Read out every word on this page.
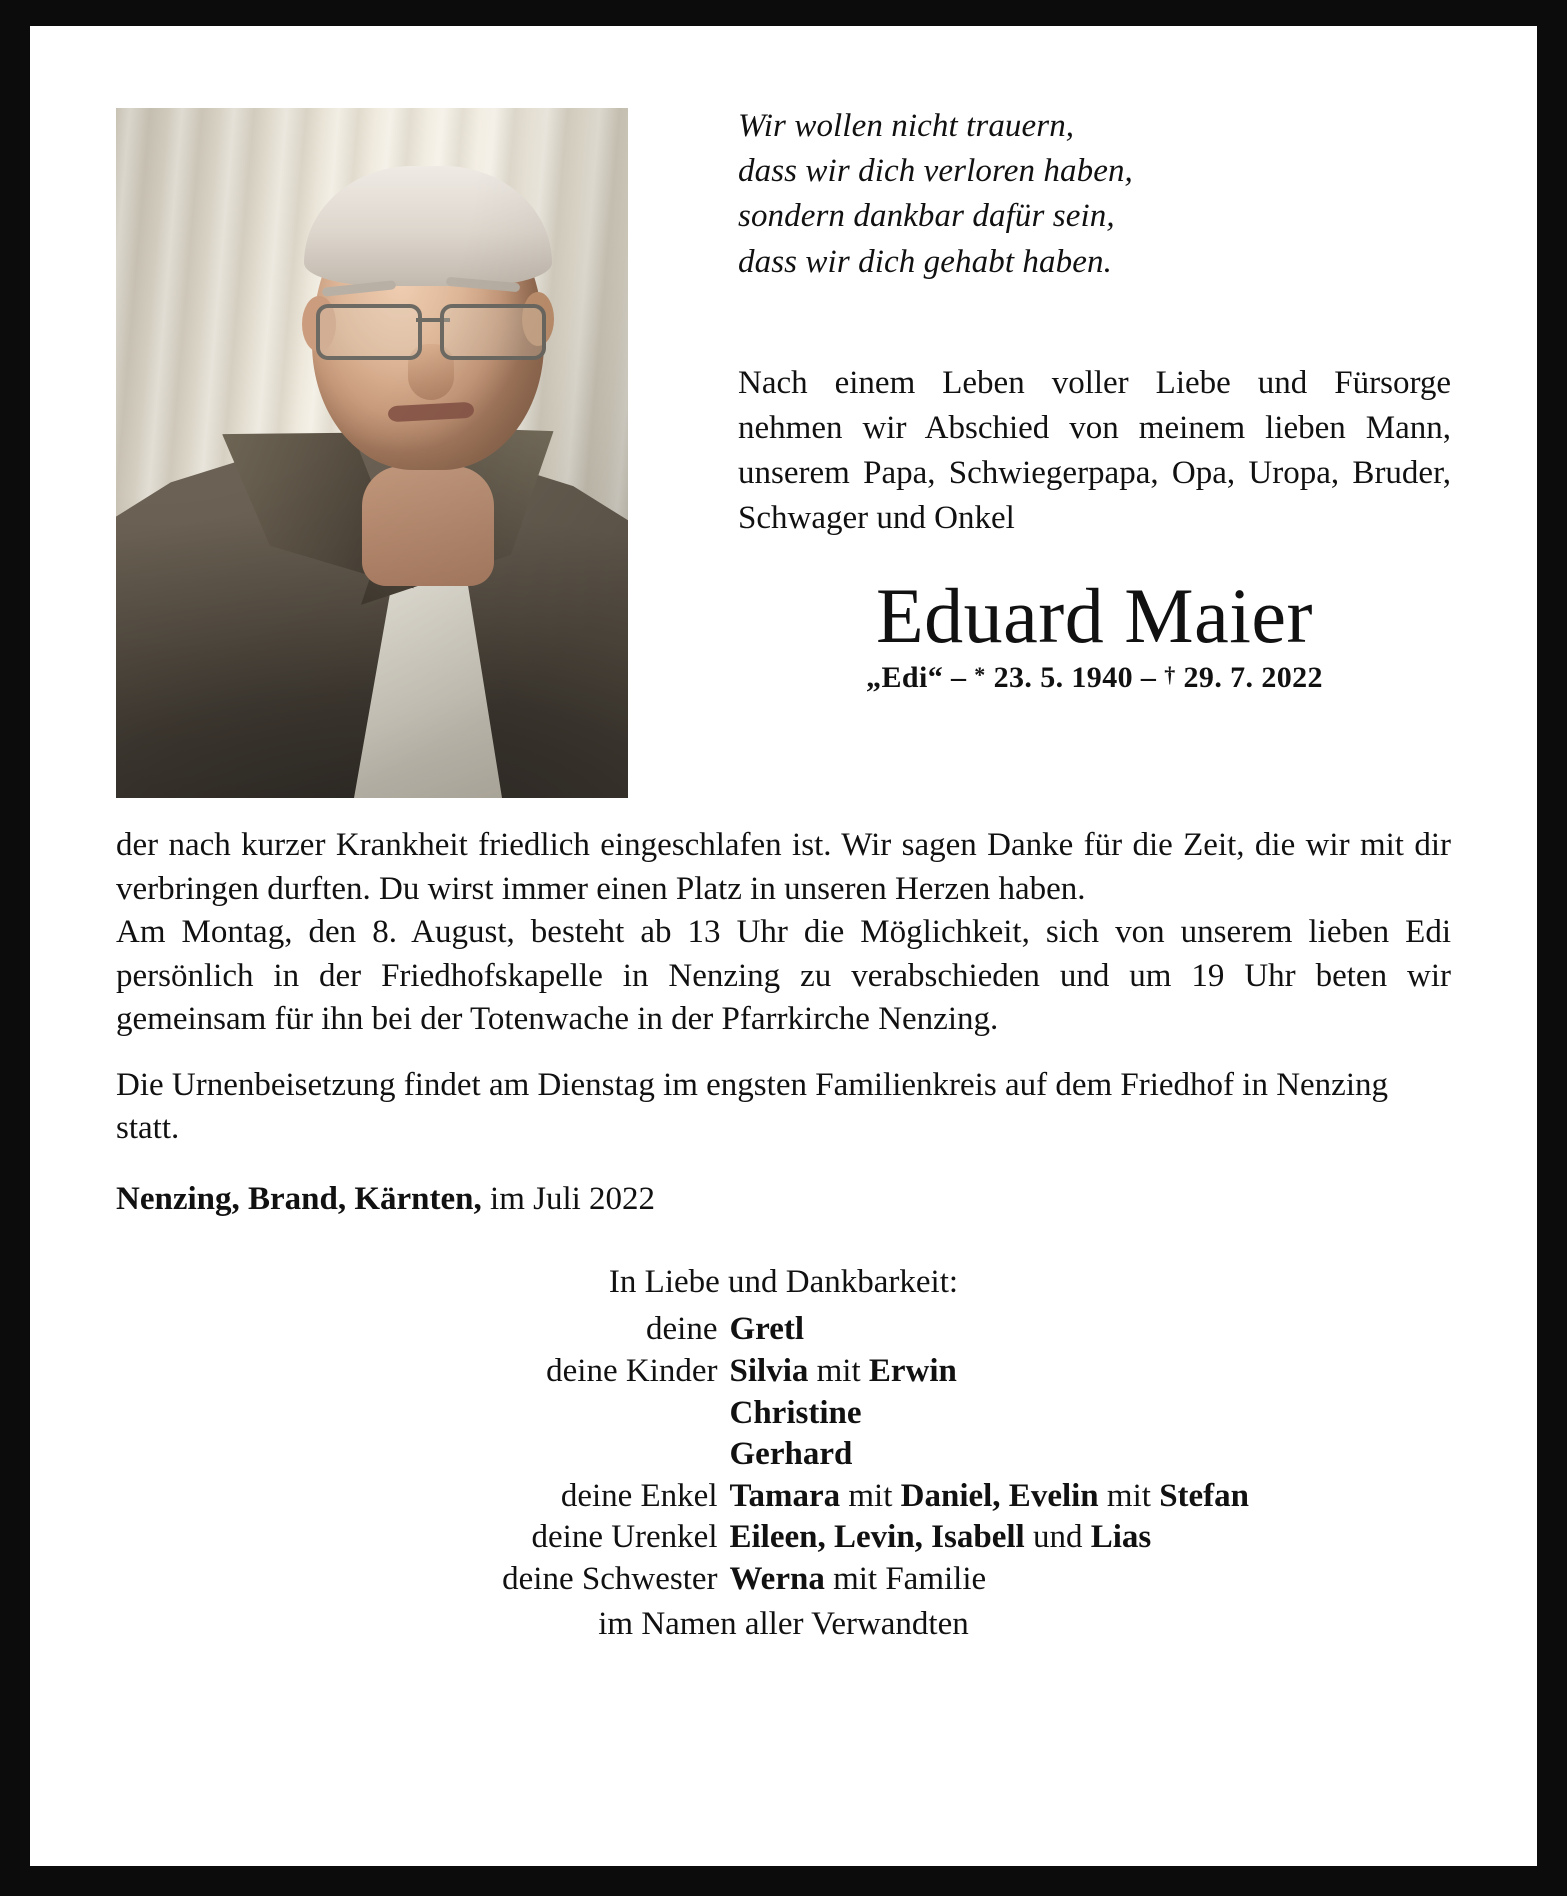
Wir wollen nicht trauern,
dass wir dich verloren haben,
sondern dankbar dafür sein,
dass wir dich gehabt haben.
Nach einem Leben voller Liebe und Fürsorge nehmen wir Abschied von meinem lieben Mann, unserem Papa, Schwiegerpapa, Opa, Uropa, Bruder, Schwager und Onkel
Eduard Maier
„Edi“ – * 23. 5. 1940 – † 29. 7. 2022

der nach kurzer Krankheit friedlich eingeschlafen ist. Wir sagen Danke für die Zeit, die wir mit dir verbringen durften. Du wirst immer einen Platz in unseren Herzen haben.

Am Montag, den 8. August, besteht ab 13 Uhr die Möglichkeit, sich von unserem lieben Edi persönlich in der Friedhofskapelle in Nenzing zu verabschieden und um 19 Uhr beten wir gemeinsam für ihn bei der Totenwache in der Pfarrkirche Nenzing.

Die Urnenbeisetzung findet am Dienstag im engsten Familienkreis auf dem Friedhof in Nenzing statt.

Nenzing, Brand, Kärnten, im Juli 2022
In Liebe und Dankbarkeit:
deine Gretl
deine Kinder Silvia mit Erwin
Christine
Gerhard
deine Enkel Tamara mit Daniel, Evelin mit Stefan
deine Urenkel Eileen, Levin, Isabell und Lias
deine Schwester Werna mit Familie
im Namen aller Verwandten
